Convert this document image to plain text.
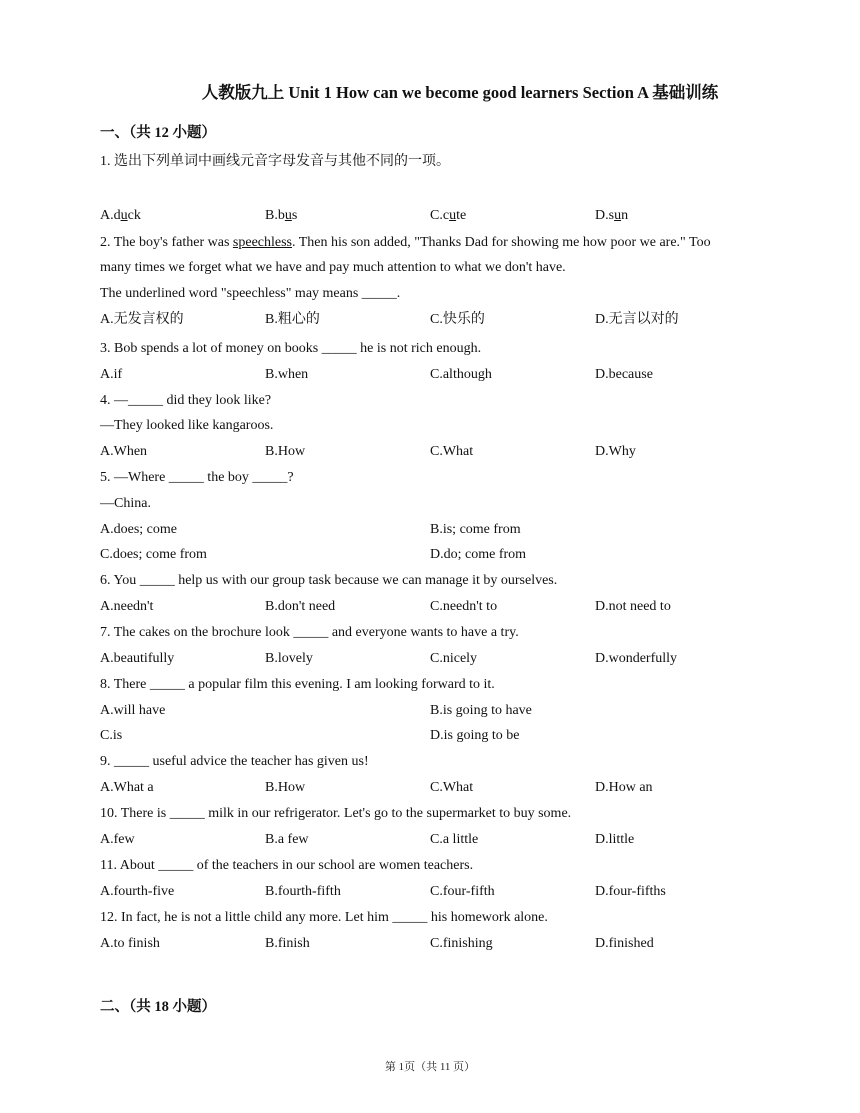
人教版九上 Unit 1 How can we become good learners Section A 基础训练
一、（共 12 小题）
1. 选出下列单词中画线元音字母发音与其他不同的一项。
A.duck	B.bus	C.cute	D.sun
2. The boy's father was speechless. Then his son added, "Thanks Dad for showing me how poor we are." Too
many times we forget what we have and pay much attention to what we don't have.
The underlined word "speechless" may means _____.
A.无发言权的	B.粗心的	C.快乐的	D.无言以对的
3. Bob spends a lot of money on books _____ he is not rich enough.
A.if	B.when	C.although	D.because
4. —_____ did they look like?
—They looked like kangaroos.
A.When	B.How	C.What	D.Why
5. —Where _____ the boy _____?
—China.
A.does; come	B.is; come from
C.does; come from	D.do; come from
6. You _____ help us with our group task because we can manage it by ourselves.
A.needn't	B.don't need	C.needn't to	D.not need to
7. The cakes on the brochure look _____ and everyone wants to have a try.
A.beautifully	B.lovely	C.nicely	D.wonderfully
8. There _____ a popular film this evening. I am looking forward to it.
A.will have	B.is going to have
C.is	D.is going to be
9. _____ useful advice the teacher has given us!
A.What a	B.How	C.What	D.How an
10. There is _____ milk in our refrigerator. Let's go to the supermarket to buy some.
A.few	B.a few	C.a little	D.little
11. About _____ of the teachers in our school are women teachers.
A.fourth-five	B.fourth-fifth	C.four-fifth	D.four-fifths
12. In fact, he is not a little child any more. Let him _____ his homework alone.
A.to finish	B.finish	C.finishing	D.finished
二、（共 18 小题）
第 1页（共 11 页）
